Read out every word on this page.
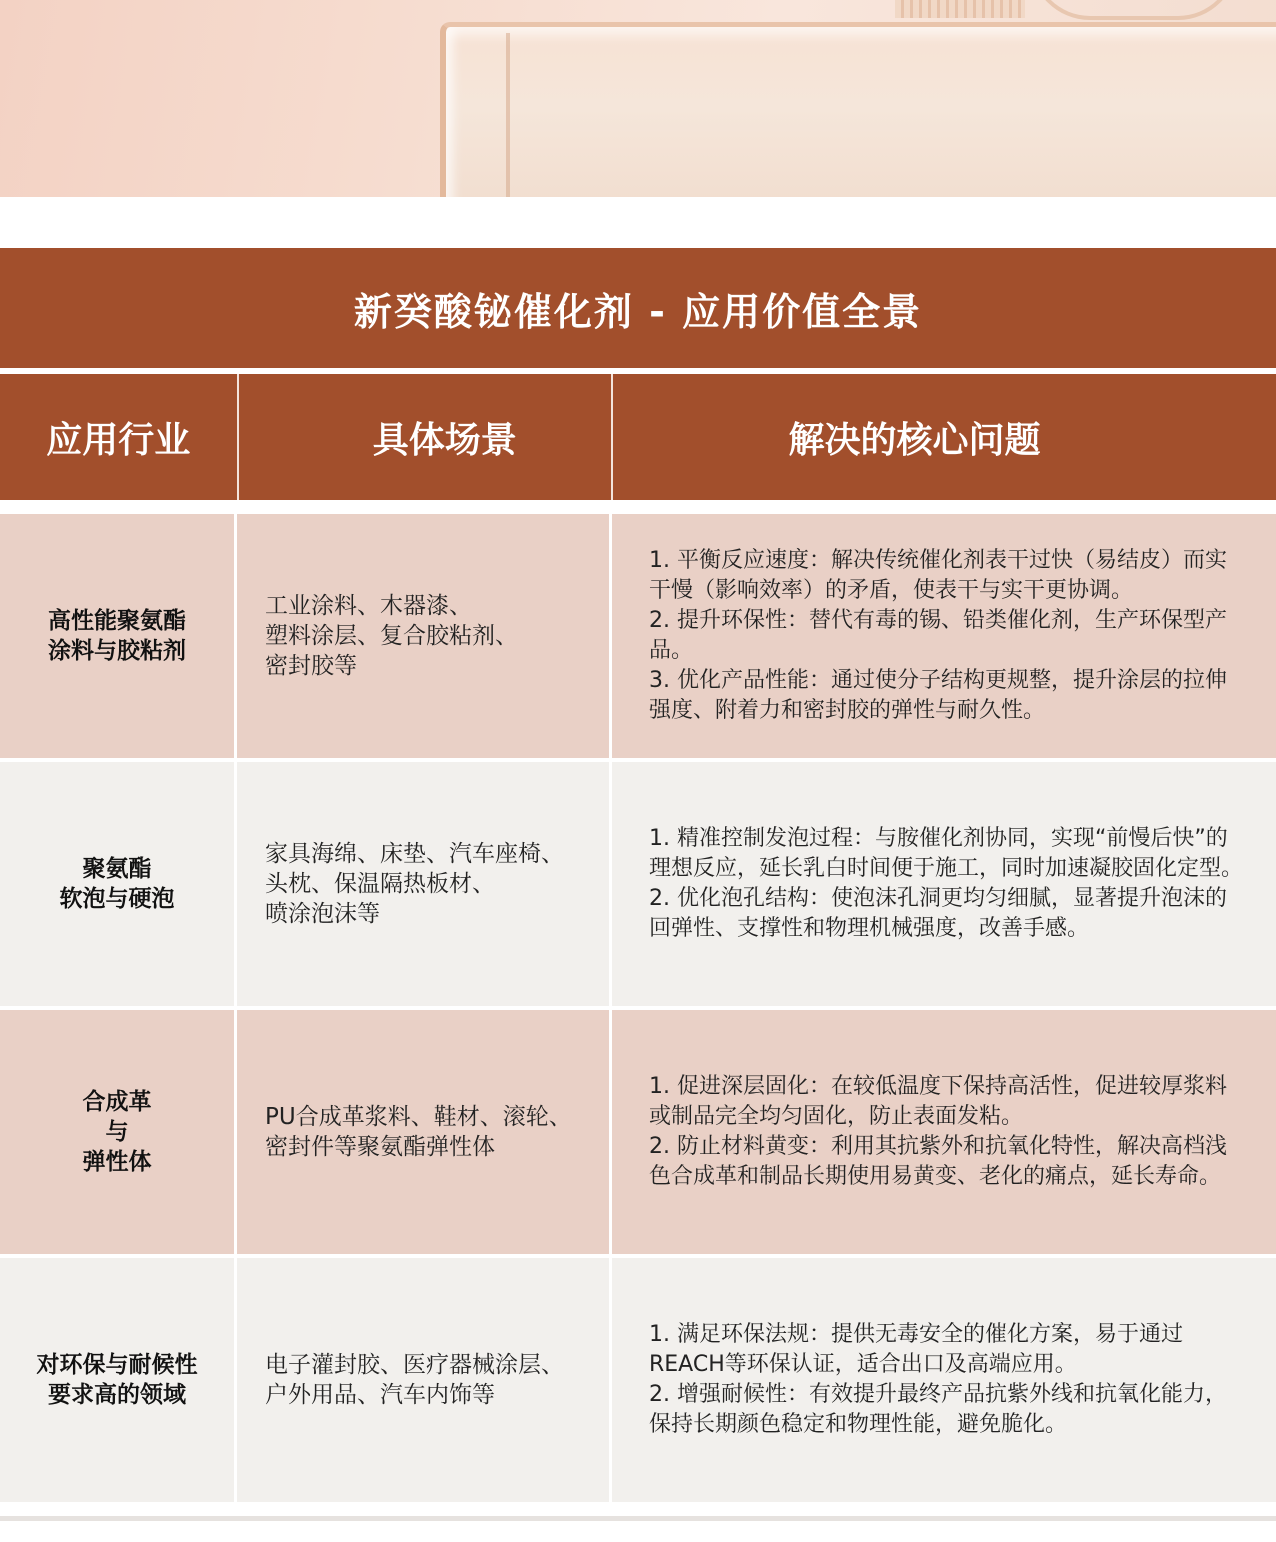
新癸酸铋催化剂 - 应用价值全景
应用行业	具体场景	解决的核心问题
高性能聚氨酯
涂料与胶粘剂
工业涂料、木器漆、
塑料涂层、复合胶粘剂、
密封胶等
1. 平衡反应速度：解决传统催化剂表干过快（易结皮）而实干慢（影响效率）的矛盾，使表干与实干更协调。
2. 提升环保性：替代有毒的锡、铅类催化剂，生产环保型产品。
3. 优化产品性能：通过使分子结构更规整，提升涂层的拉伸强度、附着力和密封胶的弹性与耐久性。
聚氨酯
软泡与硬泡
家具海绵、床垫、汽车座椅、
头枕、保温隔热板材、
喷涂泡沫等
1. 精准控制发泡过程：与胺催化剂协同，实现“前慢后快”的理想反应，延长乳白时间便于施工，同时加速凝胶固化定型。
2. 优化泡孔结构：使泡沫孔洞更均匀细腻，显著提升泡沫的回弹性、支撑性和物理机械强度，改善手感。
合成革
与
弹性体
PU合成革浆料、鞋材、滚轮、
密封件等聚氨酯弹性体
1. 促进深层固化：在较低温度下保持高活性，促进较厚浆料或制品完全均匀固化，防止表面发粘。
2. 防止材料黄变：利用其抗紫外和抗氧化特性，解决高档浅色合成革和制品长期使用易黄变、老化的痛点，延长寿命。
对环保与耐候性
要求高的领域
电子灌封胶、医疗器械涂层、
户外用品、汽车内饰等
1. 满足环保法规：提供无毒安全的催化方案，易于通过REACH等环保认证，适合出口及高端应用。
2. 增强耐候性：有效提升最终产品抗紫外线和抗氧化能力，保持长期颜色稳定和物理性能，避免脆化。
